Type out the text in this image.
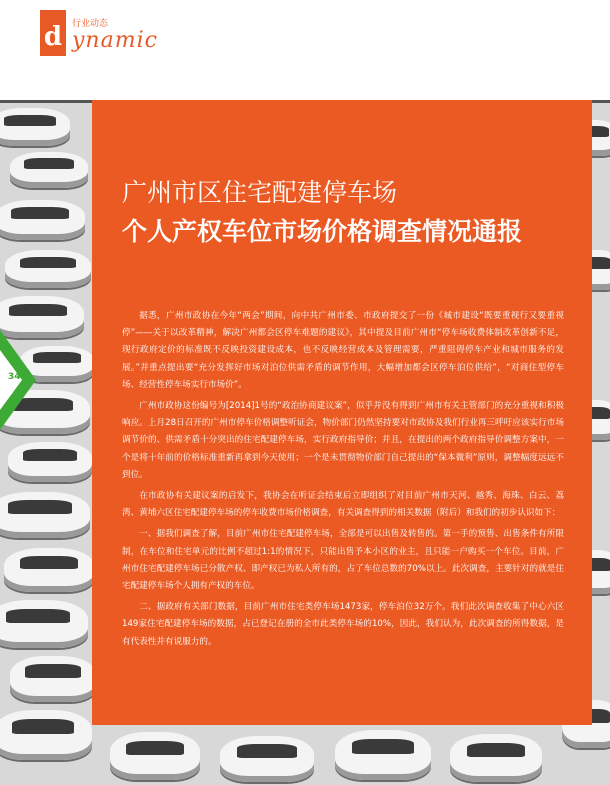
d	行业动态
ynamic
34
广州市区住宅配建停车场
个人产权车位市场价格调查情况通报

据悉，广州市政协在今年“两会”期间，向中共广州市委、市政府提交了一份《城市建设“既要重视行又要重视停”——关于以改革精神，解决广州都会区停车难题的建议》，其中提及目前广州市“停车场收费体制改革创新不足，现行政府定价的标准既不反映投资建设成本，也不反映经营成本及管理需要，严重阻碍停车产业和城市服务的发展。”并重点提出要“充分发挥好市场对泊位供需矛盾的调节作用，大幅增加都会区停车泊位供给”，“对商住型停车场、经营性停车场实行市场价”。

广州市政协这份编号为[2014]1号的“政治协商建议案”，似乎并没有得到广州市有关主管部门的充分重视和积极响应。上月28日召开的广州市停车价格调整听证会，物价部门仍然坚持要对市政协及我们行业再三呼吁应该实行市场调节价的、供需矛盾十分突出的住宅配建停车场，实行政府指导价；并且，在提出的两个政府指导价调整方案中，一个是将十年前的价格标准重新再拿到今天使用；一个是未贯彻物价部门自己提出的“保本微利”原则，调整幅度远远不到位。

在市政协有关建议案的启发下，我协会在听证会结束后立即组织了对目前广州市天河、越秀、海珠、白云、荔湾、黄埔六区住宅配建停车场的停车收费市场价格调查，有关调查得到的相关数据（附后）和我们的初步认识如下：

一、据我们调查了解，目前广州市住宅配建停车场，全部是可以出售及转售的。第一手的预售、出售条件有所限制，在车位和住宅单元的比例不超过1:1的情况下，只能出售予本小区的业主，且只能一户购买一个车位。目前，广州市住宅配建停车场已分散产权、即产权已为私人所有的，占了车位总数的70%以上。此次调查，主要针对的就是住宅配建停车场个人拥有产权的车位。

二、据政府有关部门数据，目前广州市住宅类停车场1473家，停车泊位32万个。我们此次调查收集了中心六区149家住宅配建停车场的数据，占已登记在册的全市此类停车场的10%，因此，我们认为，此次调查的所得数据，是有代表性并有说服力的。
